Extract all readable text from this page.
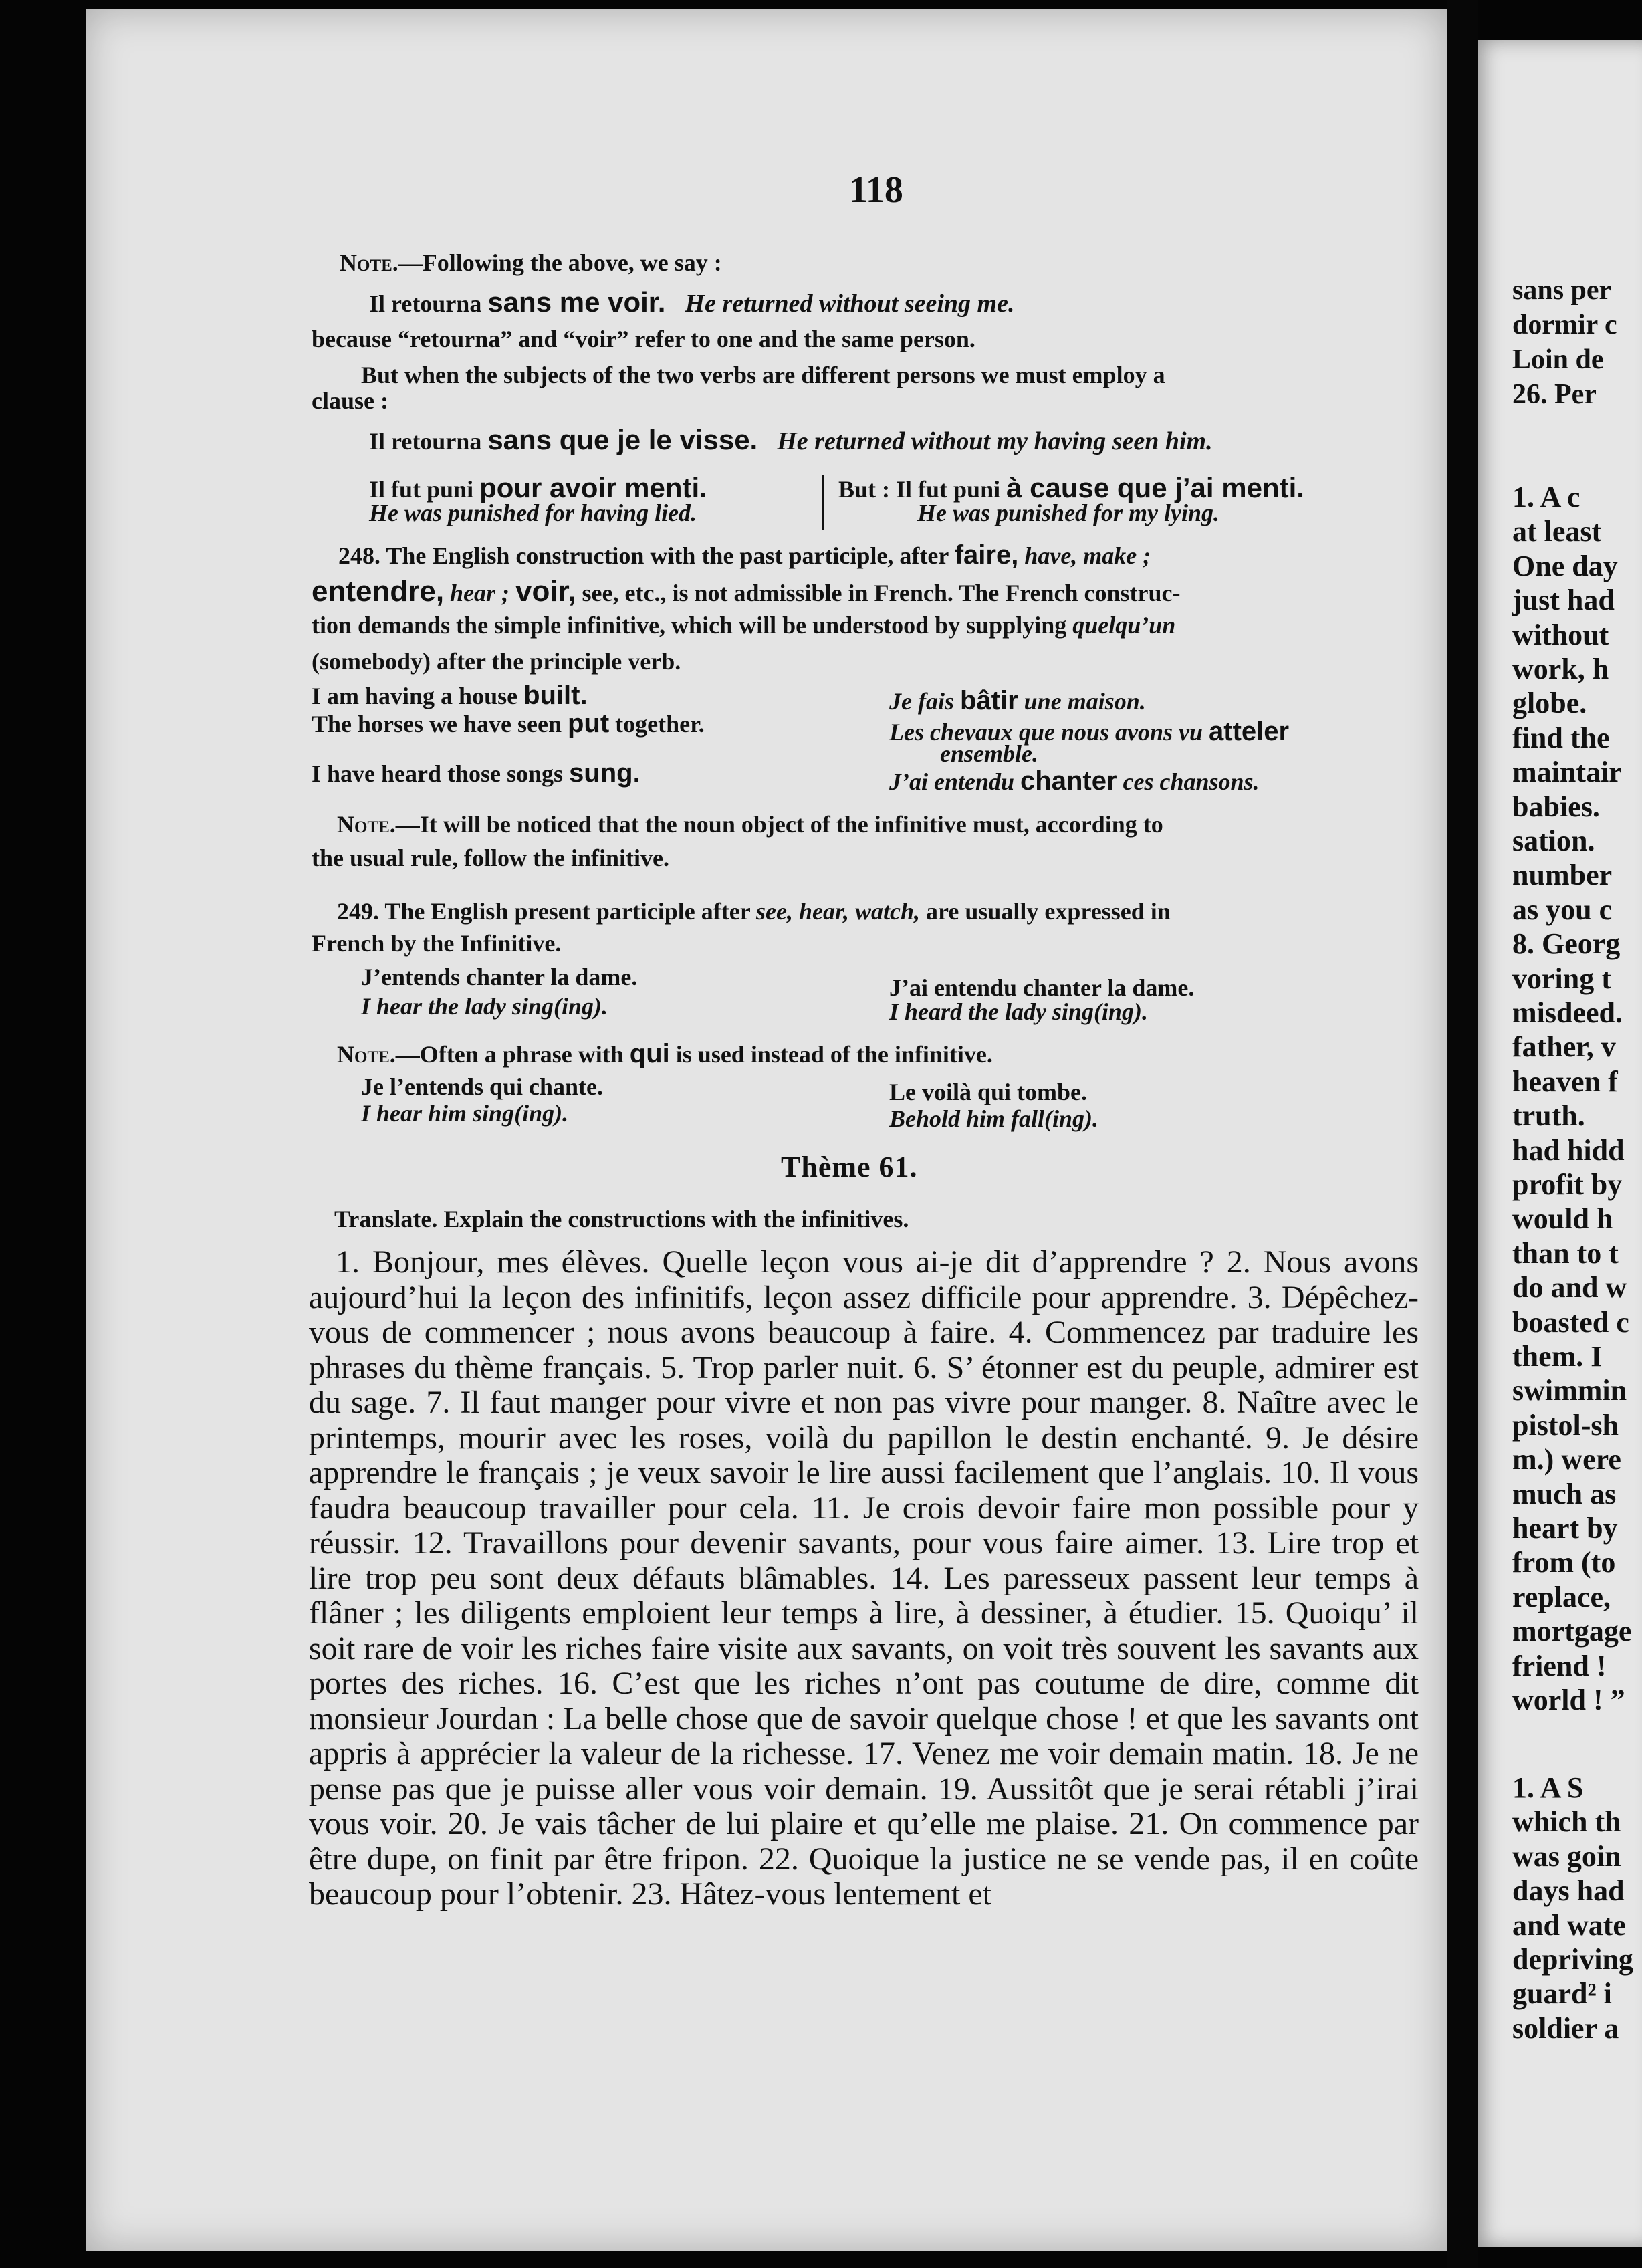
118
Note.—Following the above, we say :
Il retourna sans me voir. He returned without seeing me.
because “retourna” and “voir” refer to one and the same person.
But when the subjects of the two verbs are different persons we must employ a
clause :
Il retourna sans que je le visse. He returned without my having seen him.
Il fut puni pour avoir menti.
He was punished for having lied.
But : Il fut puni à cause que j’ai menti.
He was punished for my lying.
248. The English construction with the past participle, after faire, have, make ;
entendre, hear ; voir, see, etc., is not admissible in French. The French construc-
tion demands the simple infinitive, which will be understood by supplying quelqu’un
(somebody) after the principle verb.
I am having a house built.
The horses we have seen put together.
I have heard those songs sung.
Je fais bâtir une maison.
Les chevaux que nous avons vu atteler
ensemble.
J’ai entendu chanter ces chansons.
Note.—It will be noticed that the noun object of the infinitive must, according to
the usual rule, follow the infinitive.
249. The English present participle after see, hear, watch, are usually expressed in
French by the Infinitive.
J’entends chanter la dame.
I hear the lady sing(ing).
J’ai entendu chanter la dame.
I heard the lady sing(ing).
Note.—Often a phrase with qui is used instead of the infinitive.
Je l’entends qui chante.
I hear him sing(ing).
Le voilà qui tombe.
Behold him fall(ing).
Thème 61.
Translate. Explain the constructions with the infinitives.

1. Bonjour, mes élèves. Quelle leçon vous ai-je dit d’apprendre ? 2. Nous avons aujourd’hui la leçon des infinitifs, leçon assez difficile pour apprendre. 3. Dépêchez-vous de commencer ; nous avons beaucoup à faire. 4. Commencez par traduire les phrases du thème français. 5. Trop parler nuit. 6. S’ étonner est du peuple, admirer est du sage. 7. Il faut manger pour vivre et non pas vivre pour manger. 8. Naître avec le printemps, mourir avec les roses, voilà du papillon le destin enchanté. 9. Je désire apprendre le français ; je veux savoir le lire aussi facilement que l’anglais. 10. Il vous faudra beaucoup travailler pour cela. 11. Je crois devoir faire mon possible pour y réussir. 12. Travaillons pour devenir savants, pour vous faire aimer. 13. Lire trop et lire trop peu sont deux défauts blâmables. 14. Les paresseux passent leur temps à flâner ; les diligents emploient leur temps à lire, à dessiner, à étudier. 15. Quoiqu’ il soit rare de voir les riches faire visite aux savants, on voit très souvent les savants aux portes des riches. 16. C’est que les riches n’ont pas coutume de dire, comme dit monsieur Jourdan : La belle chose que de savoir quelque chose ! et que les savants ont appris à apprécier la valeur de la richesse. 17. Venez me voir demain matin. 18. Je ne pense pas que je puisse aller vous voir demain. 19. Aussitôt que je serai rétabli j’irai vous voir. 20. Je vais tâcher de lui plaire et qu’elle me plaise. 21. On commence par être dupe, on finit par être fripon. 22. Quoique la justice ne se vende pas, il en coûte beaucoup pour l’obtenir. 23. Hâtez-vous lentement et

sans per
dormir c
Loin de
26. Per
1. A c
at least
One day
just had
without
work, h
globe.
find the
maintair
babies.
sation.
number
as you c
8. Georg
voring t
misdeed.
father, v
heaven f
truth.
had hidd
profit by
would h
than to t
do and w
boasted c
them. I
swimmin
pistol-sh
m.) were
much as
heart by
from (to
replace,
mortgage
friend !
world ! ”
1. A S
which th
was goin
days had
and wate
depriving
guard² i
soldier a
